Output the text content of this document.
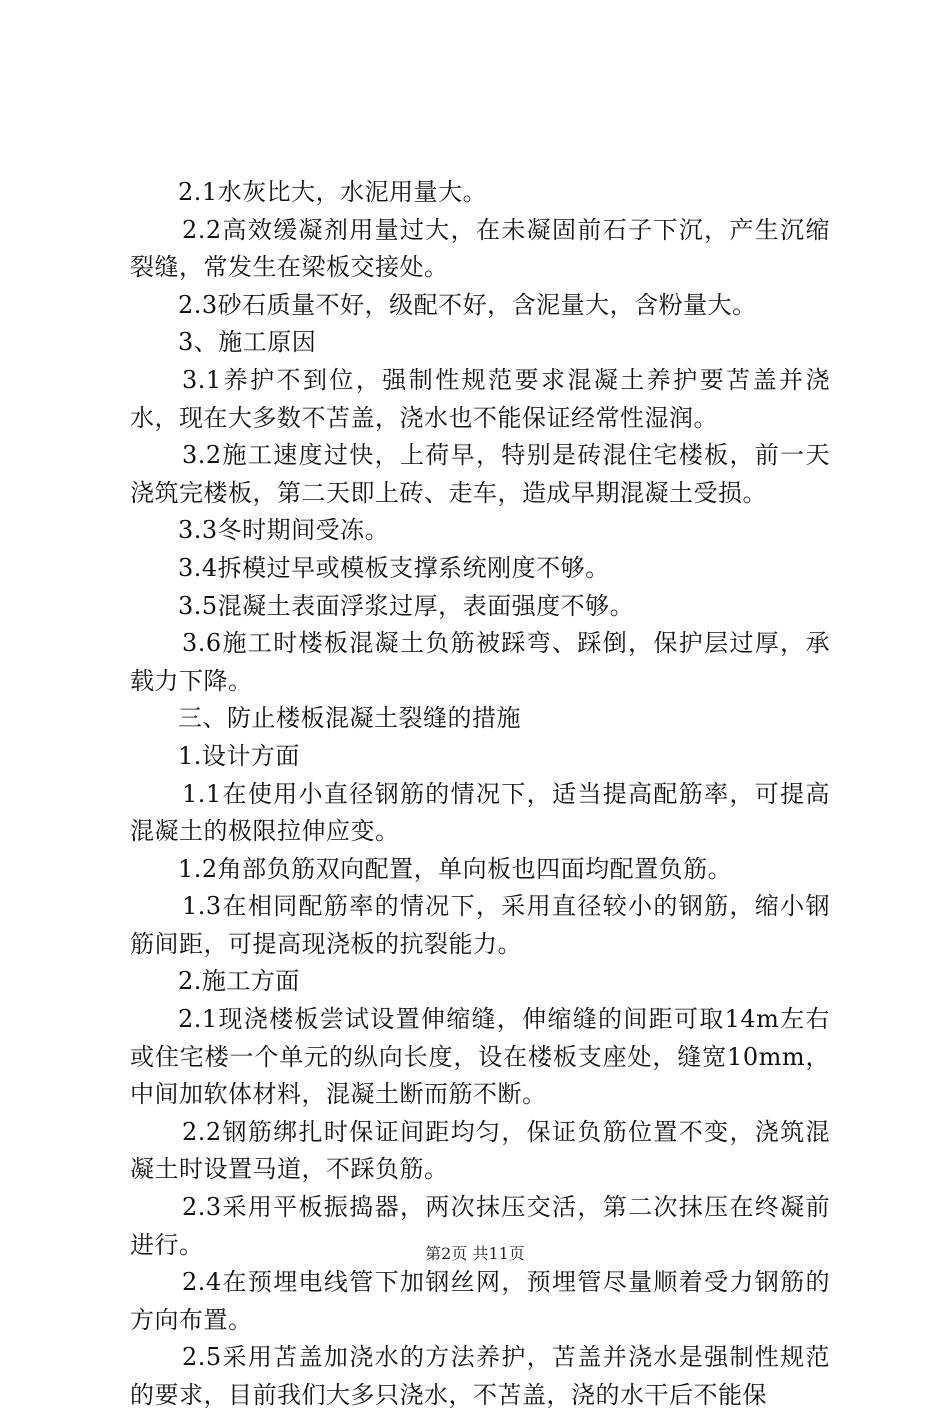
2.1水灰比大，水泥用量大。

2.2高效缓凝剂用量过大，在未凝固前石子下沉，产生沉缩裂缝，常发生在梁板交接处。

2.3砂石质量不好，级配不好，含泥量大，含粉量大。

3、施工原因

3.1养护不到位，强制性规范要求混凝土养护要苫盖并浇水，现在大多数不苫盖，浇水也不能保证经常性湿润。

3.2施工速度过快，上荷早，特别是砖混住宅楼板，前一天浇筑完楼板，第二天即上砖、走车，造成早期混凝土受损。

3.3冬时期间受冻。

3.4拆模过早或模板支撑系统刚度不够。

3.5混凝土表面浮浆过厚，表面强度不够。

3.6施工时楼板混凝土负筋被踩弯、踩倒，保护层过厚，承载力下降。

三、防止楼板混凝土裂缝的措施

1.设计方面

1.1在使用小直径钢筋的情况下，适当提高配筋率，可提高混凝土的极限拉伸应变。

1.2角部负筋双向配置，单向板也四面均配置负筋。

1.3在相同配筋率的情况下，采用直径较小的钢筋，缩小钢筋间距，可提高现浇板的抗裂能力。

2.施工方面

2.1现浇楼板尝试设置伸缩缝，伸缩缝的间距可取14m左右或住宅楼一个单元的纵向长度，设在楼板支座处，缝宽10mm，中间加软体材料，混凝土断而筋不断。

2.2钢筋绑扎时保证间距均匀，保证负筋位置不变，浇筑混凝土时设置马道，不踩负筋。

2.3采用平板振捣器，两次抹压交活，第二次抹压在终凝前进行。

2.4在预埋电线管下加钢丝网，预埋管尽量顺着受力钢筋的方向布置。

2.5采用苫盖加浇水的方法养护，苫盖并浇水是强制性规范的要求，目前我们大多只浇水，不苫盖，浇的水干后不能保

第2页 共11页
